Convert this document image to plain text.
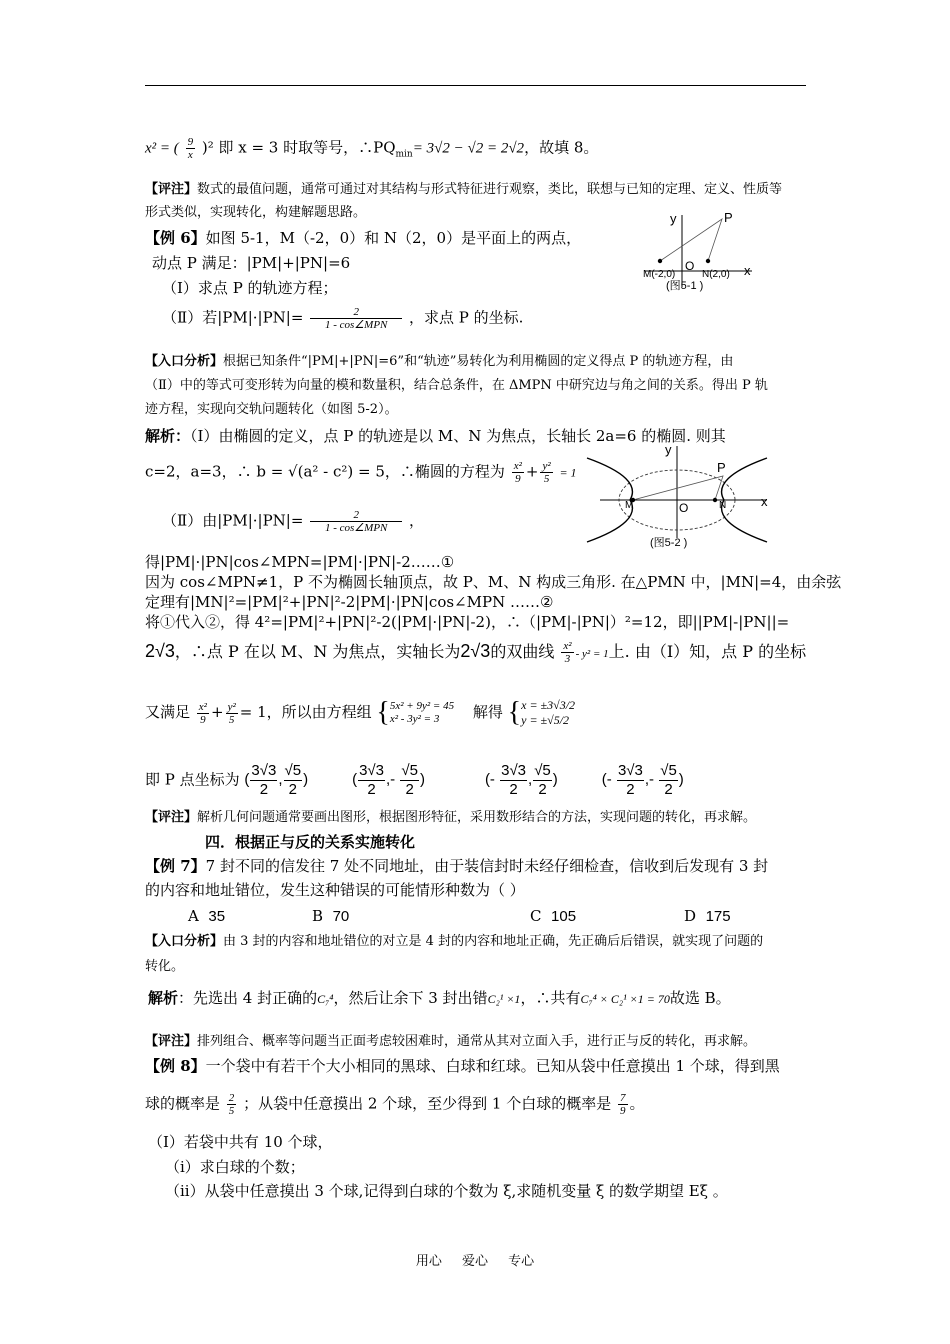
x² = ( $\frac{9}{x} )^2$ 即 x = 3 时取等号，$\therefore PQ_{min}= 3√2 - √2 = 2√2$，故填 8。
【评注】数式的最值问题，通常可通过对其结构与形式特征进行观察，类比，联想与已知的定理、定义、性质等
形式类似，实现转化，构建解题思路。
【例 6】如图 5-1，M（-2，0）和 N（2，0）是平面上的两点，
动点 P 满足：|PM|+|PN|=6
（Ⅰ）求点 P 的轨迹方程；
（Ⅱ）若$|PM|\cdot|PN|= \frac{2}{\text{1 - cos∠MPN}}$ ，求点 P 的坐标.
y	P
O	x
M(-2,0)	N(2,0)
(图5-1 )
【入口分析】根据已知条件“|PM|+|PN|=6”和“轨迹”易转化为利用椭圆的定义得点 P 的轨迹方程，由
（Ⅱ）中的等式可变形转为向量的模和数量积，结合总条件，在 ΔMPN 中研究边与角之间的关系。得出 P 轨
迹方程，实现向交轨问题转化（如图 5-2）。
解析：（Ⅰ）由椭圆的定义，点 P 的轨迹是以 M、N 为焦点，长轴长 2a=6 的椭圆. 则其
c=2，a=3，∴ b = √(a² - c²) = 5，∴椭圆的方程为 $\frac{\text{x²}}{9} + \frac{\text{y²}}{5} = 1$
（Ⅱ）由$|PM|\cdot|PN|= \frac{2}{\text{1 - cos∠MPN}}$ ，
y
P
O	x
M	N
(图5-2 )
得|PM|·|PN|cos∠MPN=|PM|·|PN|-2……①
因为 cos∠MPN≠1，P 不为椭圆长轴顶点，故 P、M、N 构成三角形. 在△PMN 中，|MN|=4，由余弦
定理有|MN|²=|PM|²+|PN|²-2|PM|·|PN|cos∠MPN ……②
将①代入②，得 4²=|PM|²+|PN|²-2(|PM|·|PN|-2)，∴（|PM|-|PN|）²=12，即||PM|-|PN||=
2√3，∴点 P 在以 M、N 为焦点，实轴长为2√3的双曲线 $\frac{\text{x²}}{3} - y^2 = 1$上. 由（Ⅰ）知，点 P 的坐标
又满足 $\frac{\text{x²}}{9} + \frac{\text{y²}}{5} = 1$，所以由方程组 { 5x² + 9y² = 45
x² - 3y² = 3	解得 { x = ±3√3/2
y = ±√5/2
即 P 点坐标为 ( $\frac{3√3}{2}$ , $\frac{√5}{2}$ )	( $\frac{3√3}{2}$ ,- $\frac{√5}{2}$ )	(- $\frac{3√3}{2}$ , $\frac{√5}{2}$ )	(- $\frac{3√3}{2}$ ,- $\frac{√5}{2}$ )
【评注】解析几何问题通常要画出图形，根据图形特征，采用数形结合的方法，实现问题的转化，再求解。
四．根据正与反的关系实施转化
【例 7】7 封不同的信发往 7 处不同地址，由于装信封时未经仔细检查，信收到后发现有 3 封
的内容和地址错位，发生这种错误的可能情形种数为（ ）
A 35	B 70	C 105	D 175
【入口分析】由 3 封的内容和地址错位的对立是 4 封的内容和地址正确，先正确后后错误，就实现了问题的
转化。
解析：先选出 4 封正确的C₇⁴，然后让余下 3 封出错C₂¹ ×1，∴共有C₇⁴ × C₂¹ ×1 = 70故选 B。
【评注】排列组合、概率等问题当正面考虑较困难时，通常从其对立面入手，进行正与反的转化，再求解。
【例 8】一个袋中有若干个大小相同的黑球、白球和红球。已知从袋中任意摸出 1 个球，得到黑
球的概率是 $\frac{2}{5}$ ；从袋中任意摸出 2 个球，至少得到 1 个白球的概率是 $\frac{7}{9}$ 。
（Ⅰ）若袋中共有 10 个球，
（i）求白球的个数；
（ii）从袋中任意摸出 3 个球,记得到白球的个数为 ξ,求随机变量 ξ 的数学期望 Eξ 。
用心 爱心 专心
